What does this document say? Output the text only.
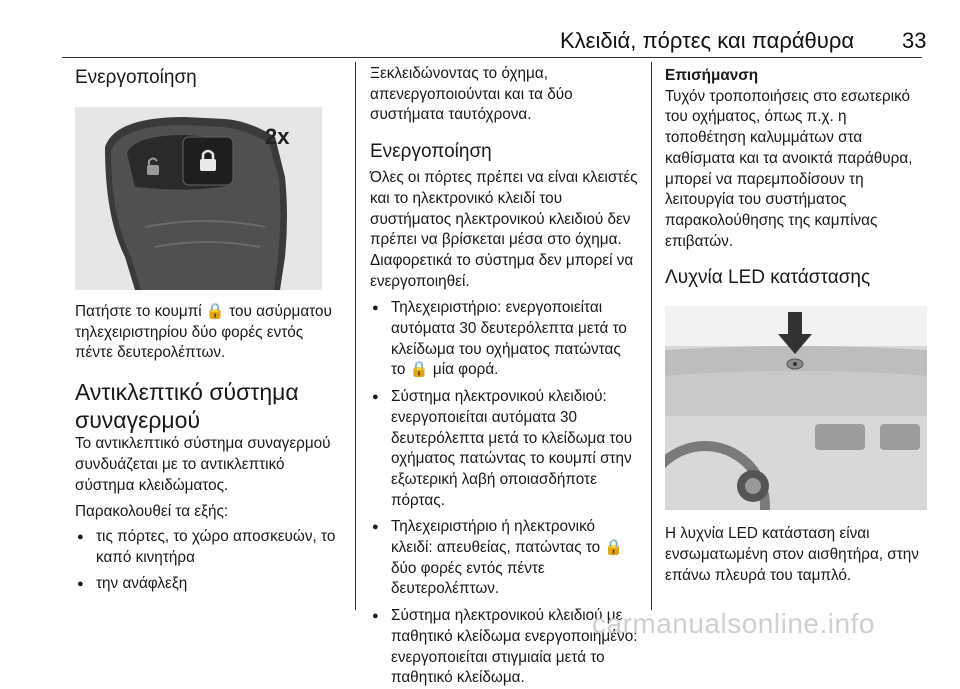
Κλειδιά, πόρτες και παράθυρα 33
Ενεργοποίηση
2x

Πατήστε το κουμπί 🔒 του ασύρματου τηλεχειριστηρίου δύο φορές εντός πέντε δευτερολέπτων.

Αντικλεπτικό σύστημα συναγερμού

Το αντικλεπτικό σύστημα συναγερμού συνδυάζεται με το αντικλεπτικό σύστημα κλειδώματος.

Παρακολουθεί τα εξής:

● τις πόρτες, το χώρο αποσκευών, το καπό κινητήρα
● την ανάφλεξη

Ξεκλειδώνοντας το όχημα, απενεργοποιούνται και τα δύο συστήματα ταυτόχρονα.

Ενεργοποίηση

Όλες οι πόρτες πρέπει να είναι κλειστές και το ηλεκτρονικό κλειδί του συστήματος ηλεκτρονικού κλειδιού δεν πρέπει να βρίσκεται μέσα στο όχημα. Διαφορετικά το σύστημα δεν μπορεί να ενεργοποιηθεί.

● Τηλεχειριστήριο: ενεργοποιείται αυτόματα 30 δευτερόλεπτα μετά το κλείδωμα του οχήματος πατώντας το 🔒 μία φορά.
● Σύστημα ηλεκτρονικού κλειδιού: ενεργοποιείται αυτόματα 30 δευτερόλεπτα μετά το κλείδωμα του οχήματος πατώντας το κουμπί στην εξωτερική λαβή οποιασδήποτε πόρτας.
● Τηλεχειριστήριο ή ηλεκτρονικό κλειδί: απευθείας, πατώντας το 🔒 δύο φορές εντός πέντε δευτερολέπτων.
● Σύστημα ηλεκτρονικού κλειδιού με παθητικό κλείδωμα ενεργοποιημένο: ενεργοποιείται στιγμιαία μετά το παθητικό κλείδωμα.

Επισήμανση

Τυχόν τροποποιήσεις στο εσωτερικό του οχήματος, όπως π.χ. η τοποθέτηση καλυμμάτων στα καθίσματα και τα ανοικτά παράθυρα, μπορεί να παρεμποδίσουν τη λειτουργία του συστήματος παρακολούθησης της καμπίνας επιβατών.

Λυχνία LED κατάστασης

Η λυχνία LED κατάσταση είναι ενσωματωμένη στον αισθητήρα, στην επάνω πλευρά του ταμπλό.

carmanualsonline.info
